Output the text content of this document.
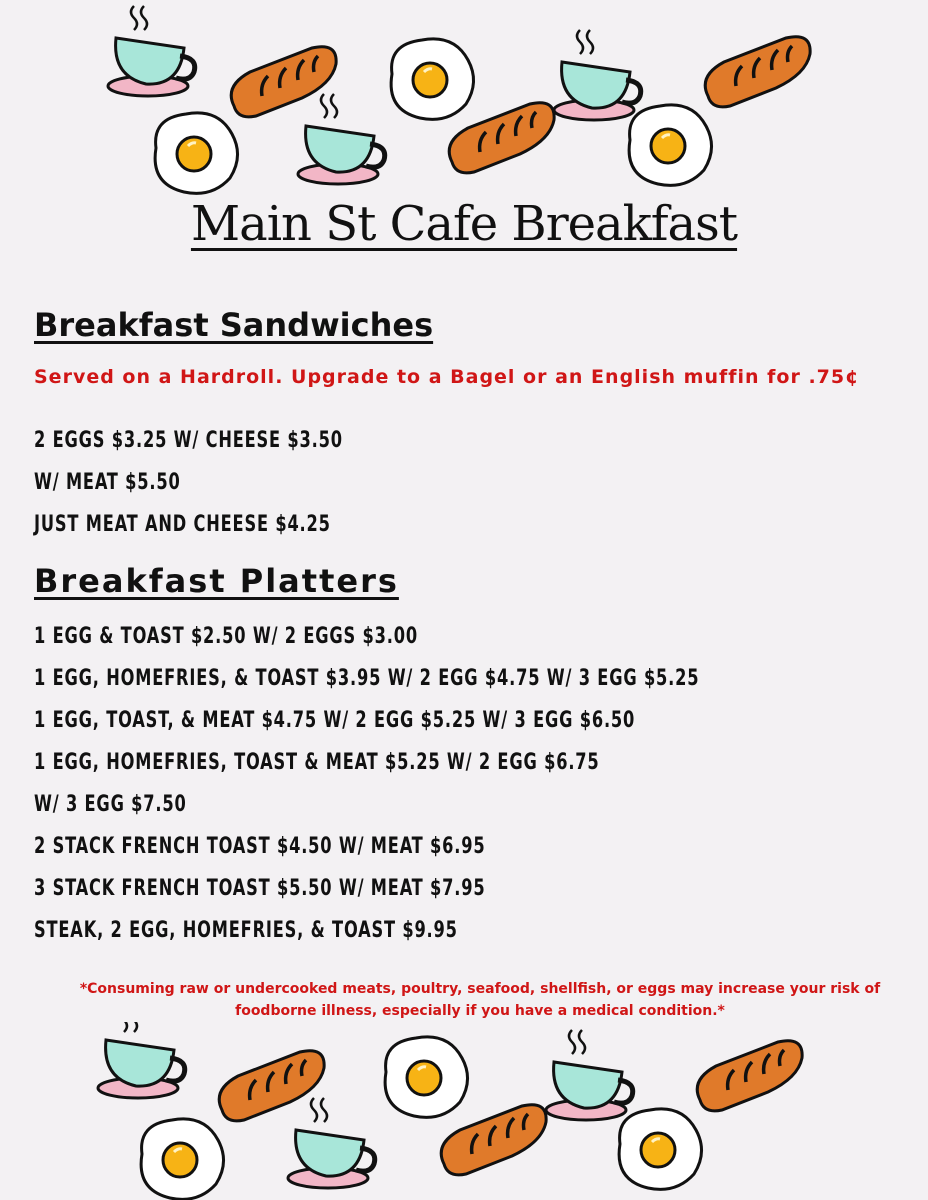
Main St Cafe Breakfast
Breakfast Sandwiches
Served on a Hardroll. Upgrade to a Bagel or an English muffin for .75¢
2 EGGS $3.25 W/ CHEESE $3.50
W/ MEAT $5.50
JUST MEAT AND CHEESE $4.25
Breakfast Platters
1 EGG & TOAST $2.50 W/ 2 EGGS $3.00
1 EGG, HOMEFRIES, & TOAST $3.95 W/ 2 EGG $4.75 W/ 3 EGG $5.25
1 EGG, TOAST, & MEAT $4.75 W/ 2 EGG $5.25 W/ 3 EGG $6.50
1 EGG, HOMEFRIES, TOAST & MEAT $5.25 W/ 2 EGG $6.75
W/ 3 EGG $7.50
2 STACK FRENCH TOAST $4.50 W/ MEAT $6.95
3 STACK FRENCH TOAST $5.50 W/ MEAT $7.95
STEAK, 2 EGG, HOMEFRIES, & TOAST $9.95
*Consuming raw or undercooked meats, poultry, seafood, shellfish, or eggs may increase your risk of foodborne illness, especially if you have a medical condition.*
